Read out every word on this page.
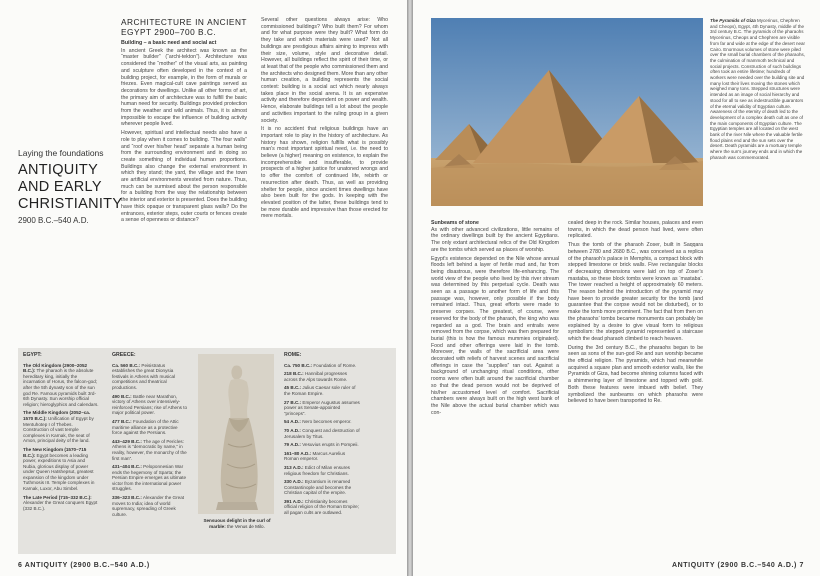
Laying the foundations
ANTIQUITY AND EARLY CHRISTIANITY
2900 B.C.–540 A.D.
ARCHITECTURE IN ANCIENT EGYPT 2900–700 B.C.
Building – a basic need and social act

In ancient Greek the architect was known as the “master builder” (“archi-tekton”). Architecture was considered the “mother” of the visual arts, as painting and sculpture often developed in the context of a building project, for example, in the form of murals or friezes. Even magical-cult cave paintings served as decorations for dwellings. Unlike all other forms of art, the primary aim of architecture was to fulfill the basic human need for security. Buildings provided protection from the weather and wild animals. Thus, it is almost impossible to escape the influence of building activity wherever people lived.

However, spiritual and intellectual needs also have a role to play when it comes to building. “The four walls” and “roof over his/her head” separate a human being from the surrounding environment and in doing so create something of individual human proportions. Buildings also change the external environment in which they stand; the yard, the village and the town are artificial environments wrested from nature. Thus, much can be surmised about the person responsible for a building from the way the relationship between the interior and exterior is presented. Does the building have thick opaque or transparent glass walls? Do the entrances, exterior steps, outer courts or fences create a sense of openness or distance?

Several other questions always arise: Who commissioned buildings? Who built them? For whom and for what purpose were they built? What form do they take and which materials were used? Not all buildings are prestigious affairs aiming to impress with their size, volume, style and decorative detail. However, all buildings reflect the spirit of their time, or at least that of the people who commissioned them and the architects who designed them. More than any other human creation, a building represents the social context: building is a social act which nearly always takes place in the social arena. It is an expensive activity and therefore dependent on power and wealth. Hence, elaborate buildings tell a lot about the people and activities important to the ruling group in a given society.

It is no accident that religious buildings have an important role to play in the history of architecture. As history has shown, religion fulfills what is possibly man’s most important spiritual need, i.e. the need to believe (a higher) meaning on existence, to explain the incomprehensible and insufferable, to provide prospects of a higher justice for unatoned wrongs and to offer the comfort of continued life, rebirth or resurrection after death. Thus, as well as providing shelter for people, since ancient times dwellings have also been built for the gods. In keeping with the elevated position of the latter, these buildings tend to be more durable and impressive than those erected for mere mortals.

EGYPT:
The Old Kingdom (2900–2052 B.C.): The pharaoh is the absolute hereditary king, initially the incarnation of Horus, the falcon-god; after the 5th dynasty son of the sun god Re. Famous pyramids built 3rd-6th Dynasty. Sun worship official religion; hieroglyphics and calendars.
The Middle Kingdom (2052–ca. 1570 B.C.): Unification of Egypt by Mentuhotep I of Thebes. Construction of vast temple complexes in Karnak, the seat of Amon, principal deity of the land.
The New Kingdom (1570–715 B.C.): Egypt becomes a leading power, expeditions to Asia and Nubia, glorious display of power under Queen Hatshepsut, greatest expansion of the kingdom under Tuthmosis III. Temple complexes in Karnak, Luxor, Abu Simbel.
The Late Period (715–332 B.C.): Alexander the Great conquers Egypt (332 B.C.).
GREECE:
Ca. 560 B.C.: Peisistratus establishes the great Dionysia festivals in Athens with musical competitions and theatrical productions.
490 B.C.: Battle near Marathon, victory of Athens over intensively-reinforced Persians; rise of Athens to major political power.
477 B.C.: Foundation of the Attic maritime alliance as a protective force against the Persians.
443–429 B.C.: The age of Pericles: Athens is “democratic by name,” in reality, however, the monarchy of the first man”.
431–404 B.C.: Peloponnesian War ends the hegemony of Sparta; the Persian Empire emerges as ultimate victor from the international power struggles.
336–323 B.C.: Alexander the Great moves to India; idea of world supremacy, spreading of Greek culture.
Sensuous delight in the curl of marble: the Venus de Milo.
ROME:
Ca. 750 B.C.: Foundation of Rome.
218 B.C.: Hannibal progresses across the Alps towards Rome.
45 B.C.: Julius Caesar sole ruler of the Roman Empire.
27 B.C.: Emperor Augustus assumes power as Senate-appointed “princeps”.
54 A.D.: Nero becomes emperor.
70 A.D.: Conquest and destruction of Jerusalem by Titus.
79 A.D.: Vesuvius erupts in Pompeii.
161–80 A.D.: Marcus Aurelius Roman emperor.
313 A.D.: Edict of Milan ensures religious freedom for Christians.
330 A.D.: Byzantium is renamed Constantinople and becomes the Christian capital of the empire.
391 A.D.: Christianity becomes official religion of the Roman Empire; all pagan cults are outlawed.
6 ANTIQUITY (2900 B.C.–540 A.D.)
The Pyramids of Giza Mycerinus, Chephren and Cheops), Egypt, 4th Dynasty, middle of the 3rd century B.C. The pyramids of the pharaohs Mycerinus, Cheops and Chephren are visible from far and wide at the edge of the desert near Cairo. Enormous volumes of stone were piled over the small burial chambers of the pharaohs, the culmination of mammoth technical and social projects. Construction of such buildings often took an entire lifetime; hundreds of workers were needed over the building site and many lost their lives moving the stones which weighed many tons. Stepped structures were intended as an image of social hierarchy and stood for all to see as indestructible guarantors of the eternal validity of Egyptian culture. Awareness of the eternity of death led to the development of a complex death cult as one of the main components of Egyptian culture. The Egyptian temples are all located on the west bank of the river Nile where the valuable fertile flood plains end and the sun sets over the desert. Death pyramids are a mortuary temple where the sun’s journey ends and in which the pharaoh was commemorated.
Sunbeams of stone

As with other advanced civilizations, little remains of the ordinary dwellings built by the ancient Egyptians. The only extant architectural relics of the Old Kingdom are the tombs which served as places of worship.

Egypt’s existence depended on the Nile whose annual floods left behind a layer of fertile mud and, far from being disastrous, were therefore life-enhancing. The world view of the people who lived by this river stream was determined by this perpetual cycle. Death was seen as a passage to another form of life and this passage was, however, only possible if the body remained intact. Thus, great efforts were made to preserve corpses. The greatest, of course, were reserved for the body of the pharaoh, the king who was regarded as a god. The brain and entrails were removed from the corpse, which was then prepared for burial (this is how the famous mummies originated). Food and other offerings were laid in the tomb. Moreover, the walls of the sacrificial area were decorated with reliefs of harvest scenes and sacrificial offerings in case the “supplies” ran out. Against a background of unchanging ritual conditions, other rooms were often built around the sacrificial chamber so that the dead person would not be deprived of his/her accustomed level of comfort. Sacrificial chambers were always built on the high west bank of the Nile above the actual burial chamber which was con-

cealed deep in the rock. Similar houses, palaces and even towns, in which the dead person had lived, were often replicated.

Thus the tomb of the pharaoh Zoser, built in Saqqara between 2780 and 2680 B.C., was conceived as a replica of the pharaoh’s palace in Memphis, a compact block with stepped limestone or brick walls. Five rectangular blocks of decreasing dimensions were laid on top of Zoser’s mastaba, so these block tombs were known as ‘mastaba’. The tower reached a height of approximately 60 meters. The reason behind the introduction of the pyramid may have been to provide greater security for the tomb (and guarantee that the corpse would not be disturbed), or to make the tomb more prominent. The fact that from then on the pharaohs’ tombs became monuments can probably be explained by a desire to give visual form to religious symbolism: the stepped pyramid represented a staircase which the dead pharaoh climbed to reach heaven.

During the 3rd century B.C., the pharaohs began to be seen as sons of the sun-god Re and sun worship became the official religion. The pyramids, which had meanwhile acquired a square plan and smooth exterior walls, like the Pyramids of Giza, had become shining columns faced with a shimmering layer of limestone and topped with gold. Both these features were imbued with belief. They symbolized the sunbeams on which pharaohs were believed to have been transported to Re.

ANTIQUITY (2900 B.C.–540 A.D.) 7
